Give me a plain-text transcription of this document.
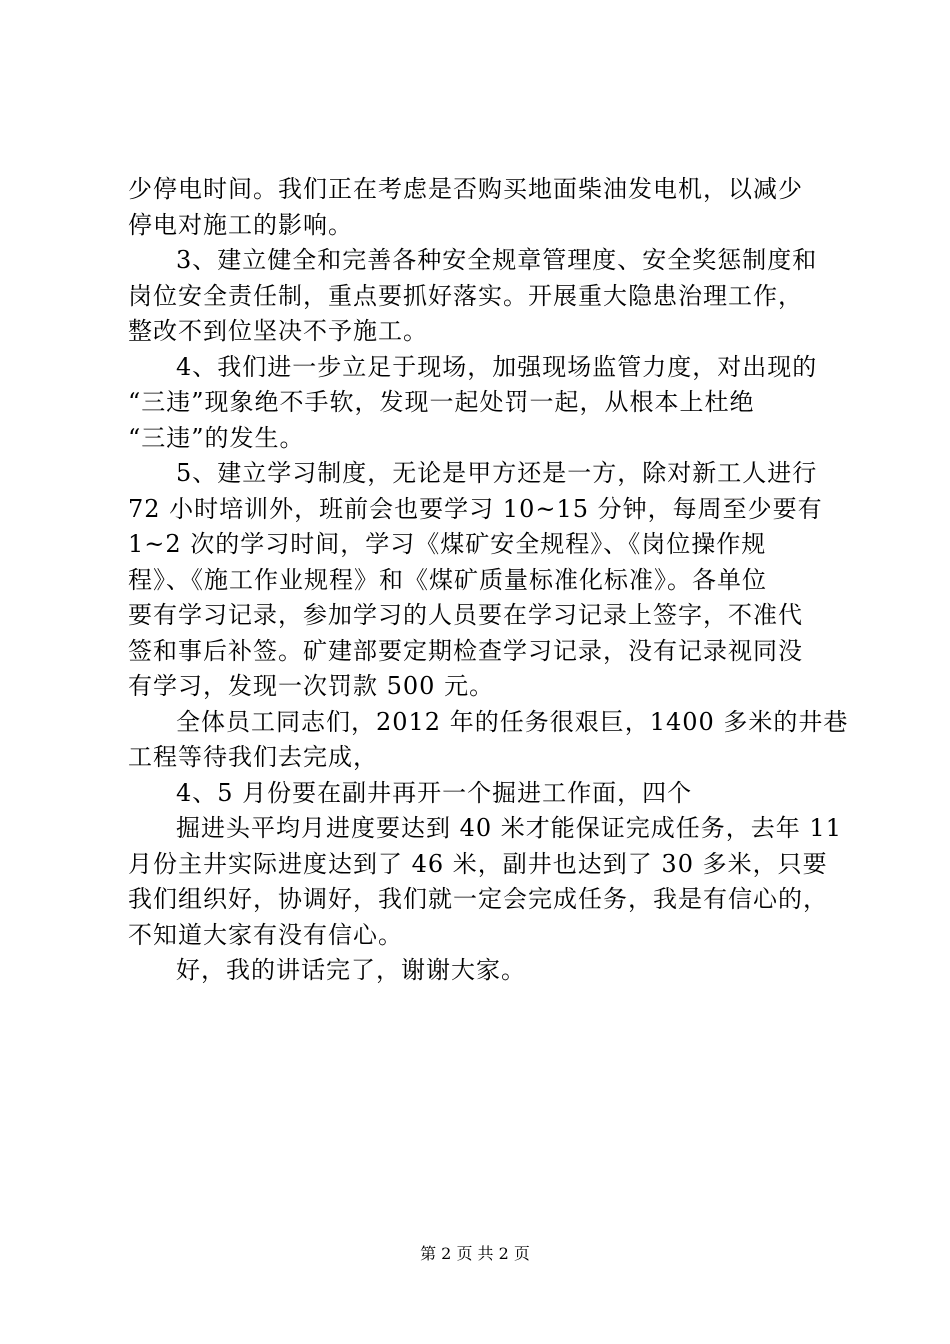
少停电时间。我们正在考虑是否购买地面柴油发电机，以减少

停电对施工的影响。

3、建立健全和完善各种安全规章管理度、安全奖惩制度和

岗位安全责任制，重点要抓好落实。开展重大隐患治理工作，

整改不到位坚决不予施工。

4、我们进一步立足于现场，加强现场监管力度，对出现的

“三违”现象绝不手软，发现一起处罚一起，从根本上杜绝

“三违”的发生。

5、建立学习制度，无论是甲方还是一方，除对新工人进行

72 小时培训外，班前会也要学习 10~15 分钟，每周至少要有

1~2 次的学习时间，学习《煤矿安全规程》、《岗位操作规

程》、《施工作业规程》和《煤矿质量标准化标准》。各单位

要有学习记录，参加学习的人员要在学习记录上签字，不准代

签和事后补签。矿建部要定期检查学习记录，没有记录视同没

有学习，发现一次罚款 500 元。

全体员工同志们，2012 年的任务很艰巨，1400 多米的井巷

工程等待我们去完成，

4、5 月份要在副井再开一个掘进工作面，四个

掘进头平均月进度要达到 40 米才能保证完成任务，去年 11

月份主井实际进度达到了 46 米，副井也达到了 30 多米，只要

我们组织好，协调好，我们就一定会完成任务，我是有信心的，

不知道大家有没有信心。

好，我的讲话完了，谢谢大家。

第 2 页 共 2 页
